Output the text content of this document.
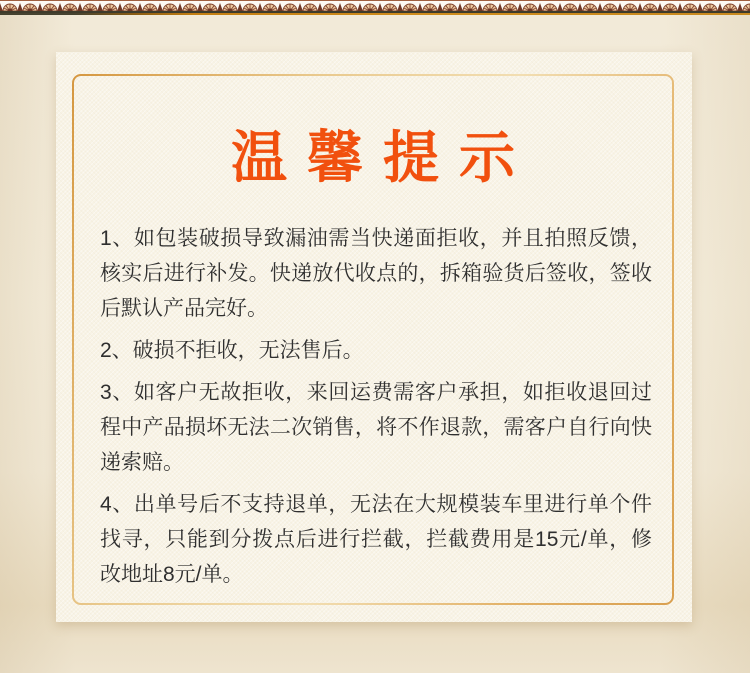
温馨提示

1、如包装破损导致漏油需当快递面拒收，并且拍照反馈，核实后进行补发。快递放代收点的，拆箱验货后签收，签收后默认产品完好。

2、破损不拒收，无法售后。

3、如客户无故拒收，来回运费需客户承担，如拒收退回过程中产品损坏无法二次销售，将不作退款，需客户自行向快递索赔。

4、出单号后不支持退单，无法在大规模装车里进行单个件找寻，只能到分拨点后进行拦截，拦截费用是15元/单，修改地址8元/单。
